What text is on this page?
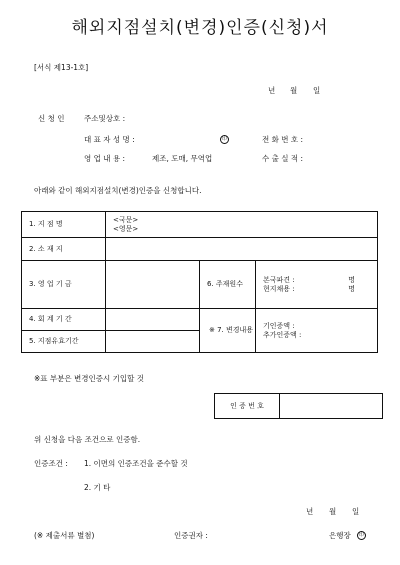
해외지점설치(변경)인증(신청)서
[서식 제13-1호]
년 월 일
신 청 인	주소및상호 :
대 표 자 성 명 :	印	전 화 번 호 :
영 업 내 용 :	제조, 도매, 무역업	수 출 실 적 :
아래와 같이 해외지점설치(변경)인증을 신청합니다.
1. 지 점 명	<국문>
<영문>		

2. 소 재 지			
3. 영 업 기 금		6. 주재원수	본국파견 : 명
현지채용 : 명

4. 회 계 기 간		※ 7. 변경내용	기인증액 :
추가인증액 :

5. 지점유효기간			
※표 부분은 변경인증시 기입할 것
인 증 번 호	
위 신청을 다음 조건으로 인증함.
인증조건 : 1. 이면의 인증조건을 준수할 것
2. 기 타
년 월 일
(※ 제출서류 별첨)	인증권자 :	은행장	印
